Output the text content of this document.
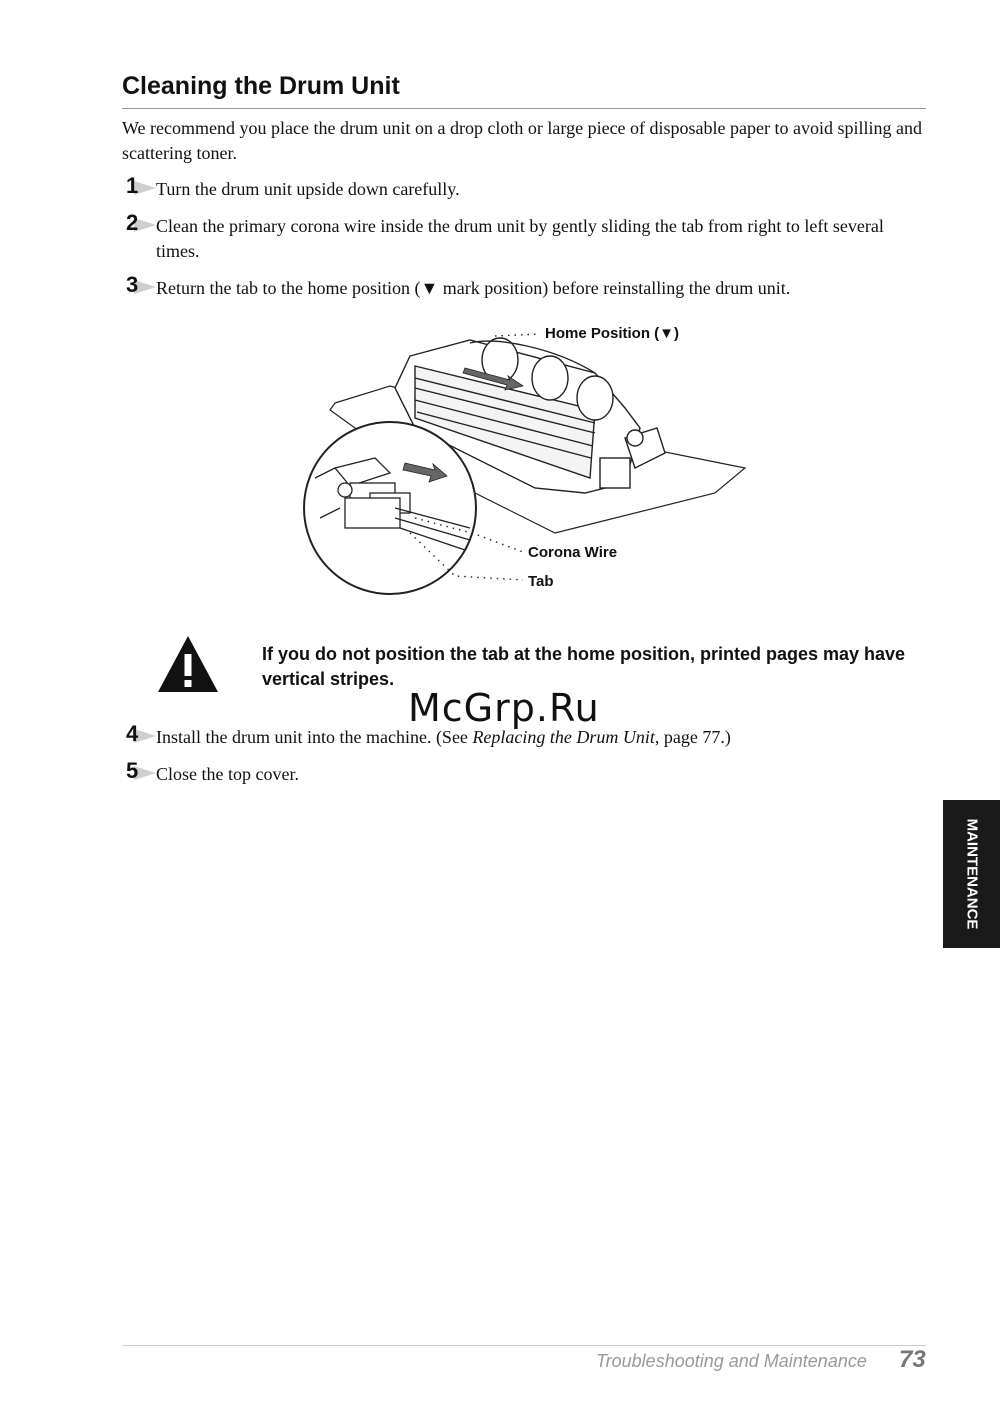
Cleaning the Drum Unit
We recommend you place the drum unit on a drop cloth or large piece of disposable paper to avoid spilling and scattering toner.
1 Turn the drum unit upside down carefully.
2 Clean the primary corona wire inside the drum unit by gently sliding the tab from right to left several times.
3 Return the tab to the home position (▼ mark position) before reinstalling the drum unit.
Home Position (▼)
Corona Wire
Tab
If you do not position the tab at the home position, printed pages may have vertical stripes.
McGrp.Ru
4 Install the drum unit into the machine. (See Replacing the Drum Unit, page 77.)
5 Close the top cover.
MAINTENANCE
Troubleshooting and Maintenance 73
